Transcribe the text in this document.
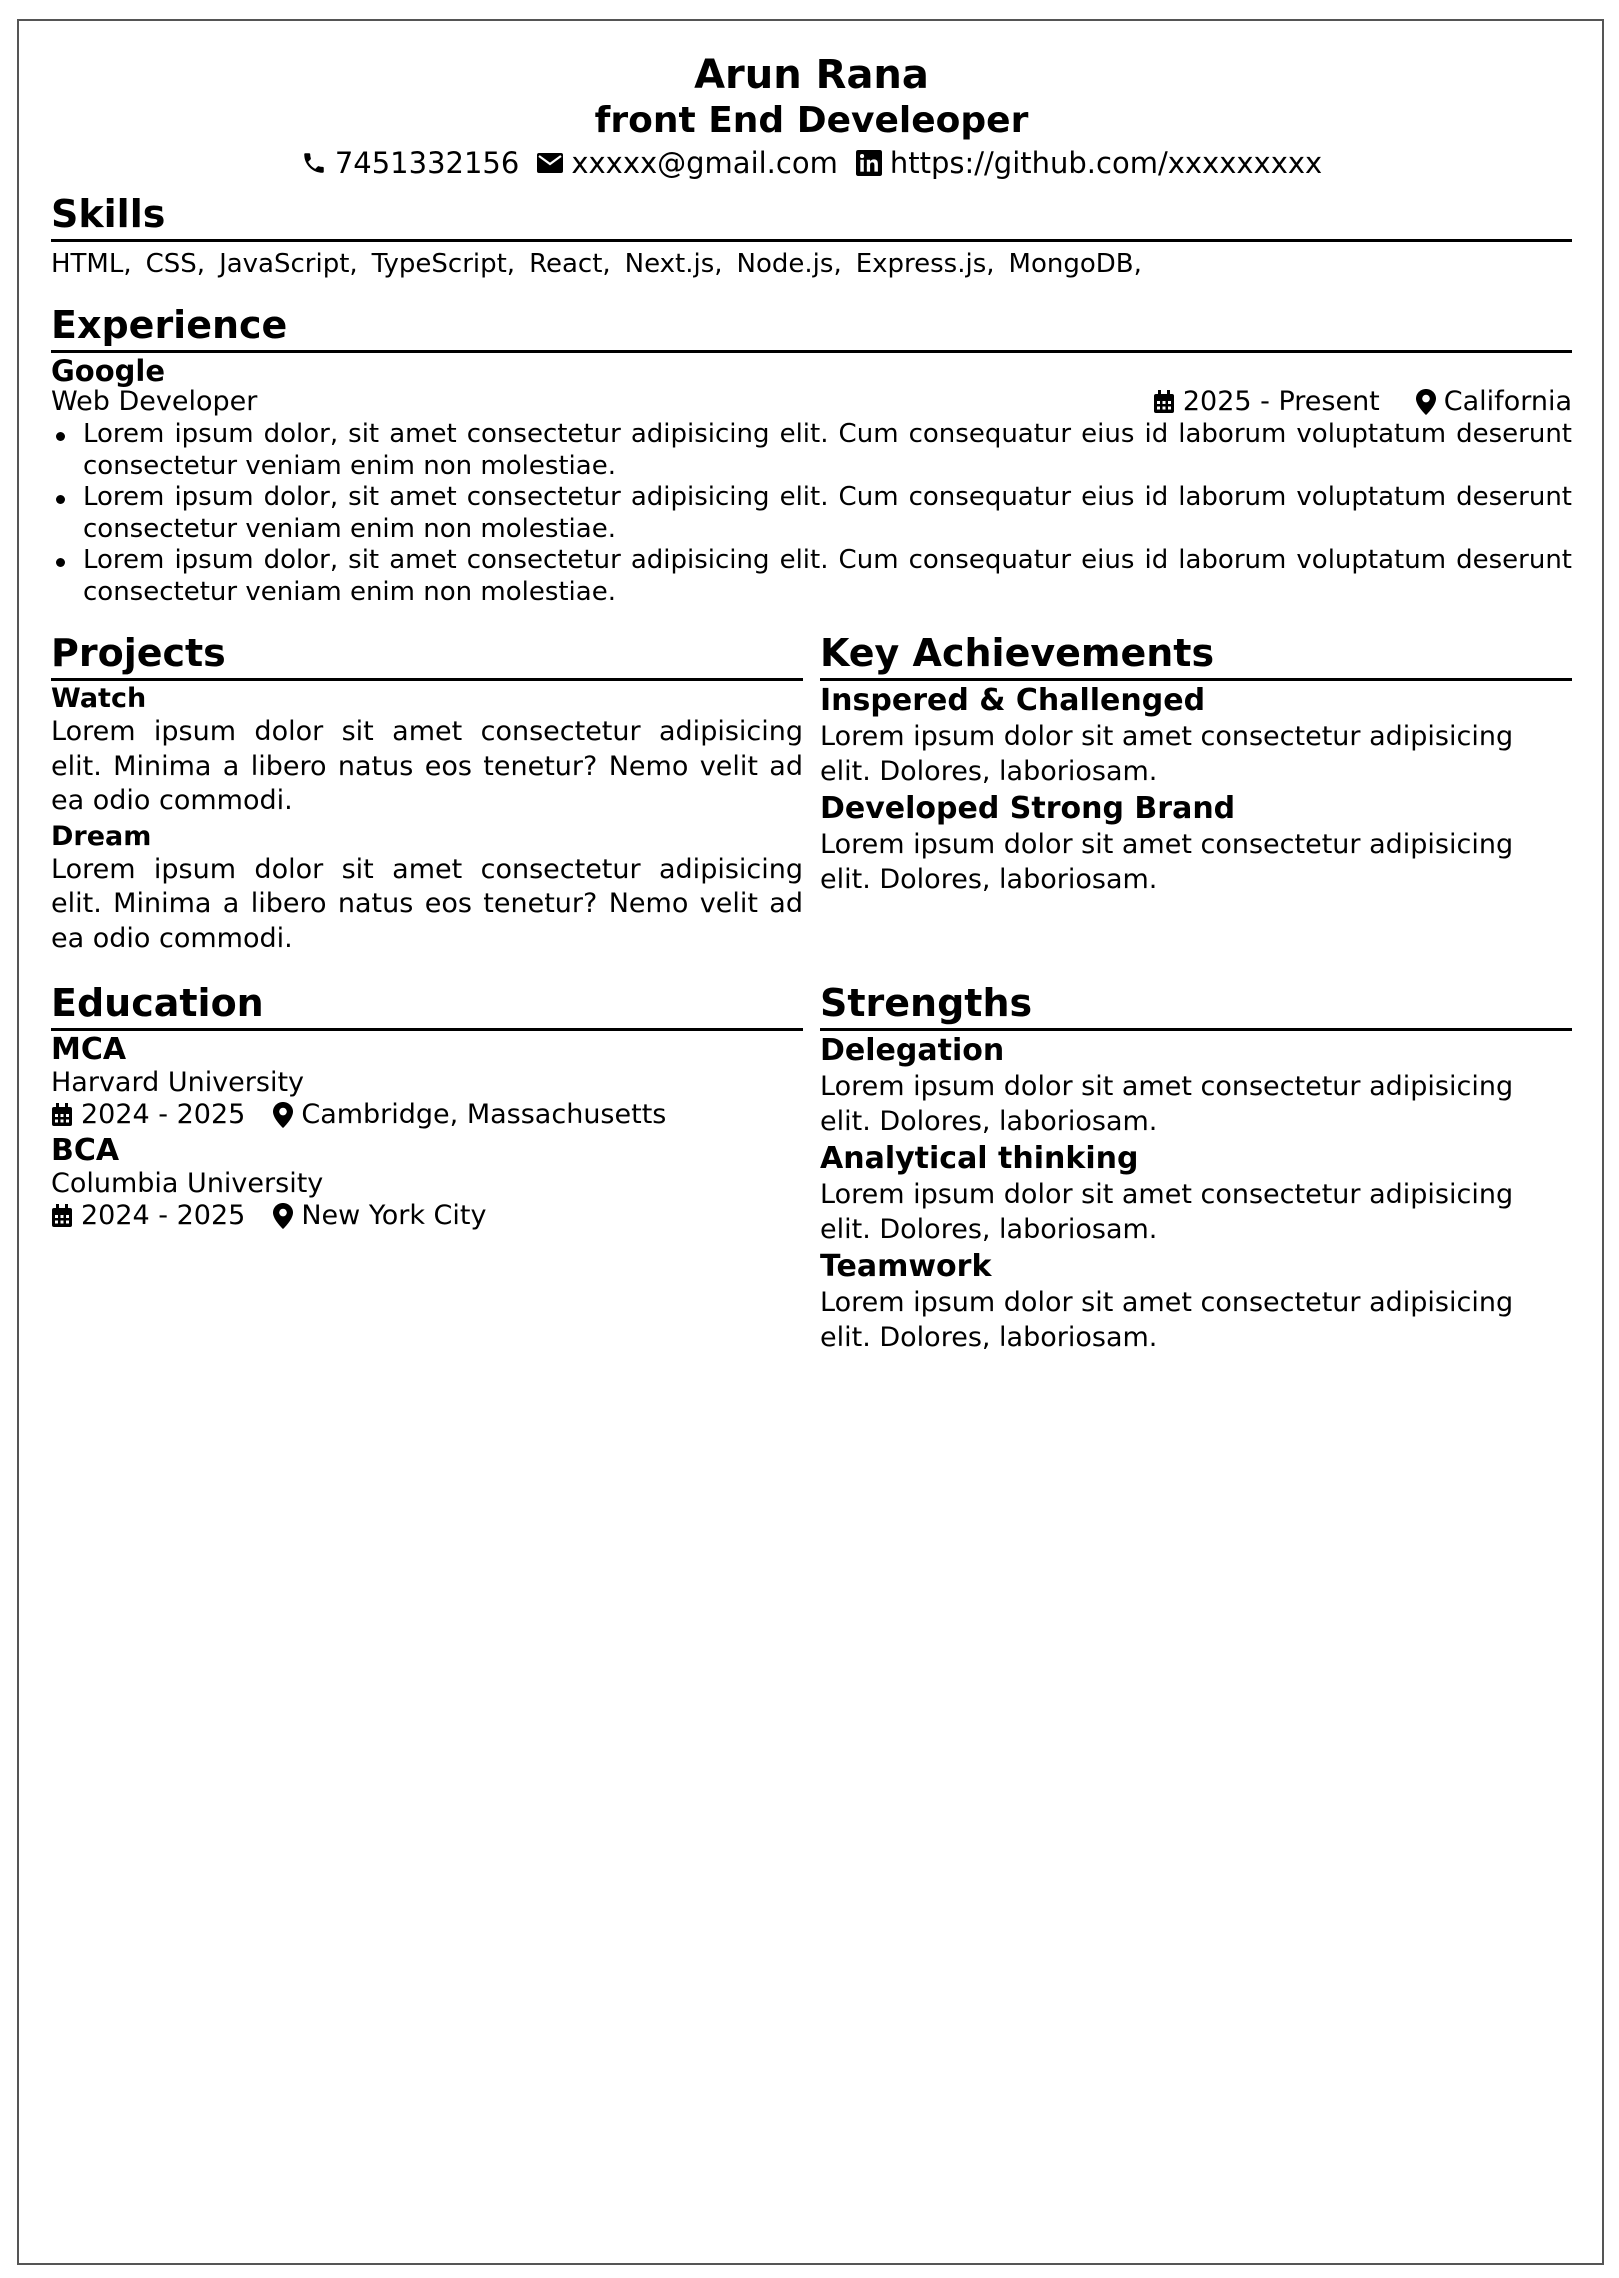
Arun Rana
front End Develeoper
7451332156 xxxxx@gmail.com https://github.com/xxxxxxxxx
Skills
HTML, CSS, JavaScript, TypeScript, React, Next.js, Node.js, Express.js, MongoDB,
Experience
Google
Web Developer	2025 - Present California
Lorem ipsum dolor, sit amet consectetur adipisicing elit. Cum consequatur eius id laborum voluptatum deserunt consectetur veniam enim non molestiae.
Lorem ipsum dolor, sit amet consectetur adipisicing elit. Cum consequatur eius id laborum voluptatum deserunt consectetur veniam enim non molestiae.
Lorem ipsum dolor, sit amet consectetur adipisicing elit. Cum consequatur eius id laborum voluptatum deserunt consectetur veniam enim non molestiae.
Projects
Watch
Lorem ipsum dolor sit amet consectetur adipisicing elit. Minima a libero natus eos tenetur? Nemo velit ad ea odio commodi.
Dream
Lorem ipsum dolor sit amet consectetur adipisicing elit. Minima a libero natus eos tenetur? Nemo velit ad ea odio commodi.
Key Achievements
Inspered & Challenged
Lorem ipsum dolor sit amet consectetur adipisicing elit. Dolores, laboriosam.
Developed Strong Brand
Lorem ipsum dolor sit amet consectetur adipisicing elit. Dolores, laboriosam.
Education
MCA
Harvard University
2024 - 2025 Cambridge, Massachusetts
BCA
Columbia University
2024 - 2025 New York City
Strengths
Delegation
Lorem ipsum dolor sit amet consectetur adipisicing elit. Dolores, laboriosam.
Analytical thinking
Lorem ipsum dolor sit amet consectetur adipisicing elit. Dolores, laboriosam.
Teamwork
Lorem ipsum dolor sit amet consectetur adipisicing elit. Dolores, laboriosam.
